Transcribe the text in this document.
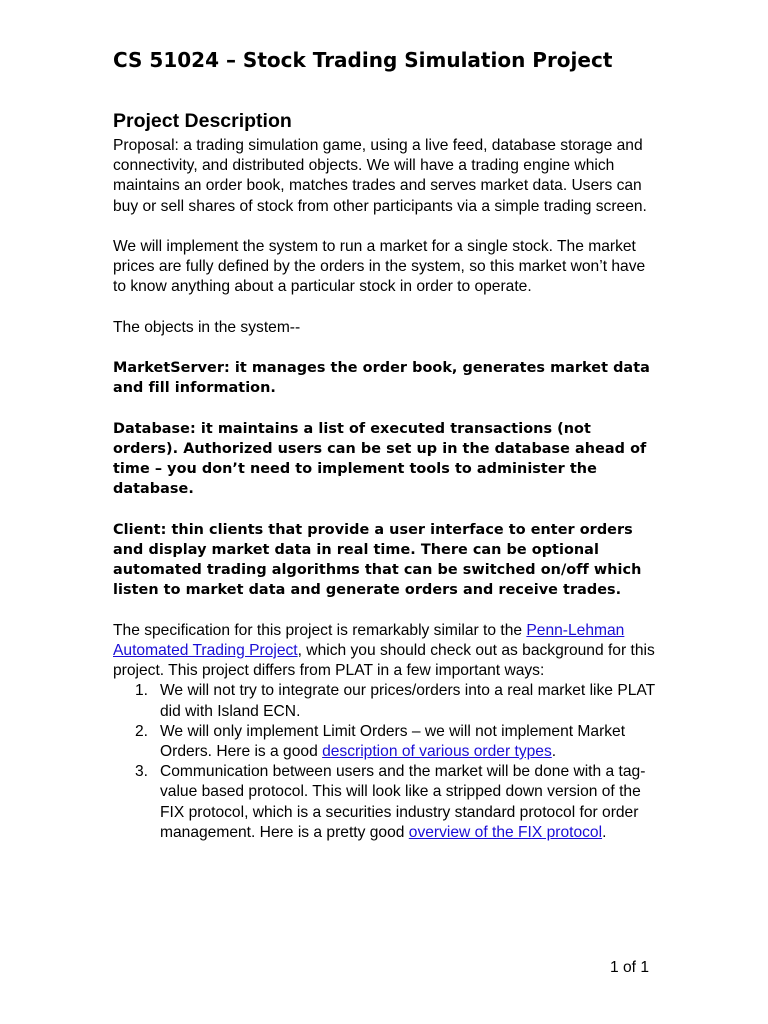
CS 51024 – Stock Trading Simulation Project
Project Description

Proposal: a trading simulation game, using a live feed, database storage and connectivity, and distributed objects. We will have a trading engine which maintains an order book, matches trades and serves market data. Users can buy or sell shares of stock from other participants via a simple trading screen.

We will implement the system to run a market for a single stock. The market prices are fully defined by the orders in the system, so this market won’t have to know anything about a particular stock in order to operate.

The objects in the system--

MarketServer: it manages the order book, generates market data and fill information.

Database: it maintains a list of executed transactions (not orders). Authorized users can be set up in the database ahead of time – you don’t need to implement tools to administer the database.

Client: thin clients that provide a user interface to enter orders and display market data in real time. There can be optional automated trading algorithms that can be switched on/off which listen to market data and generate orders and receive trades.

The specification for this project is remarkably similar to the Penn-Lehman Automated Trading Project, which you should check out as background for this project. This project differs from PLAT in a few important ways:

1. We will not try to integrate our prices/orders into a real market like PLAT did with Island ECN.
2. We will only implement Limit Orders – we will not implement Market Orders. Here is a good description of various order types.
3. Communication between users and the market will be done with a tag-value based protocol. This will look like a stripped down version of the FIX protocol, which is a securities industry standard protocol for order management. Here is a pretty good overview of the FIX protocol.
1 of 1
